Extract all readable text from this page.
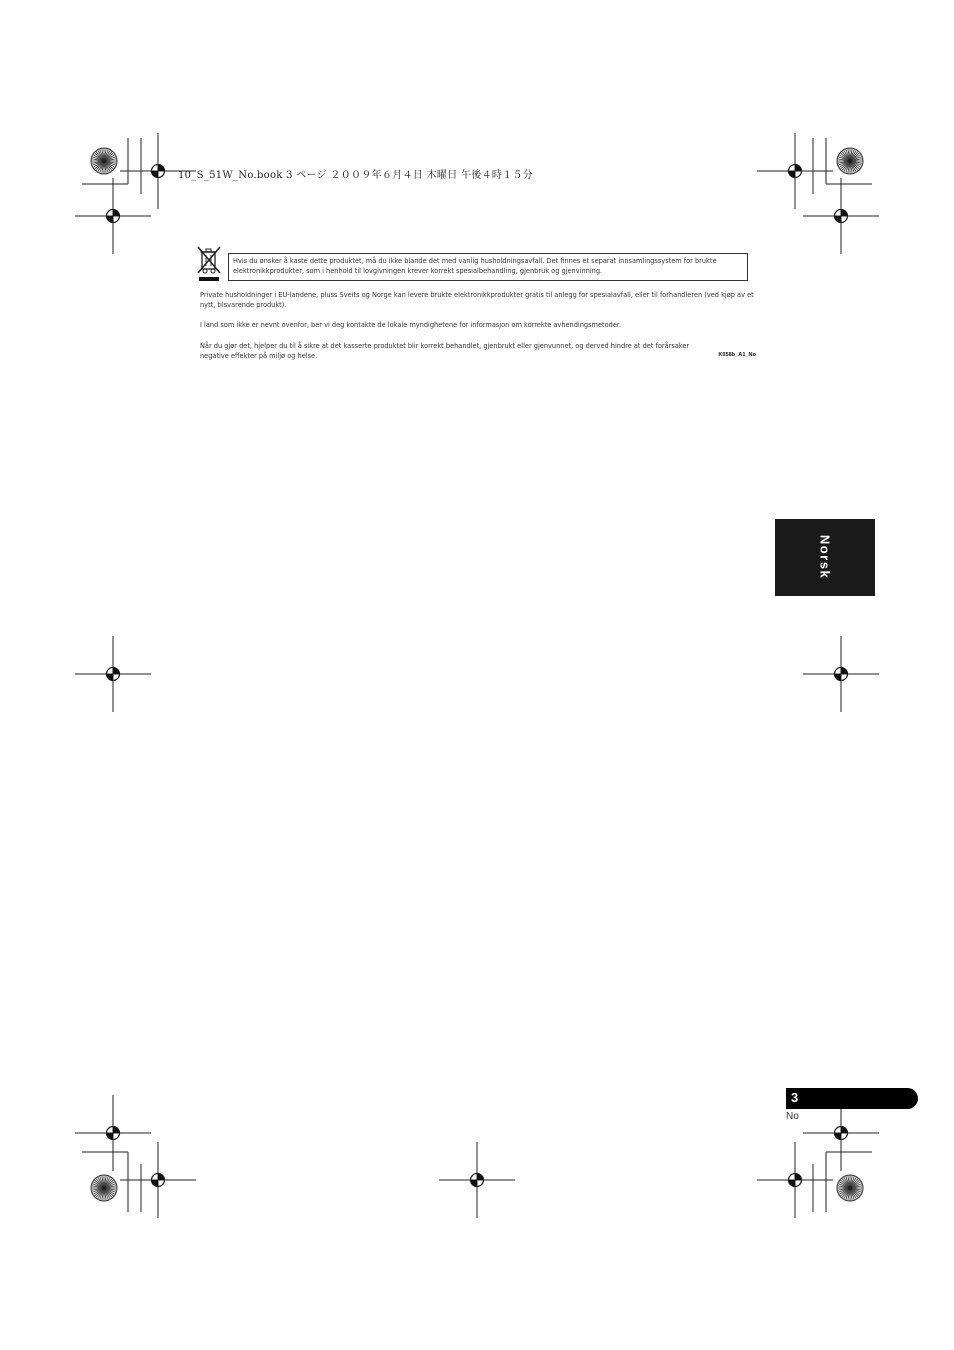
10_S_51W_No.book 3 ページ ２００９年６月４日 木曜日 午後４時１５分

Hvis du ønsker å kaste dette produktet, må du ikke blande det med vanlig husholdningsavfall. Det finnes et separat innsamlingssystem for brukte elektronikkprodukter, som i henhold til lovgivningen krever korrekt spesialbehandling, gjenbruk og gjenvinning.

Private husholdninger i EU-landene, pluss Sveits og Norge kan levere brukte elektronikkprodukter gratis til anlegg for spesialavfall, eller til forhandleren (ved kjøp av et nytt, tilsvarende produkt).

I land som ikke er nevnt ovenfor, ber vi deg kontakte de lokale myndighetene for informasjon om korrekte avhendingsmetoder.

Når du gjør det, hjelper du til å sikre at det kasserte produktet blir korrekt behandlet, gjenbrukt eller gjenvunnet, og derved hindre at det forårsaker negative effekter på miljø og helse.	K058b_A1_No
Norsk
3
No
